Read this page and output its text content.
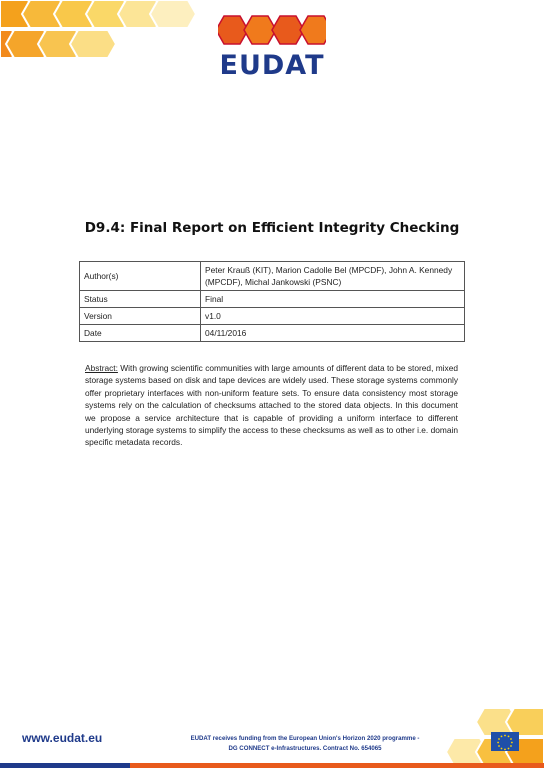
EUDAT
D9.4: Final Report on Efficient Integrity Checking
Author(s)	Peter Krauß (KIT), Marion Cadolle Bel (MPCDF), John A. Kennedy (MPCDF), Michal Jankowski (PSNC)
Status	Final
Version	v1.0
Date	04/11/2016
Abstract: With growing scientific communities with large amounts of different data to be stored, mixed storage systems based on disk and tape devices are widely used. These storage systems commonly offer proprietary interfaces with non-uniform feature sets. To ensure data consistency most storage systems rely on the calculation of checksums attached to the stored data objects. In this document we propose a service architecture that is capable of providing a uniform interface to different underlying storage systems to simplify the access to these checksums as well as to other i.e. domain specific metadata records.
www.eudat.eu	EUDAT receives funding from the European Union's Horizon 2020 programme -
DG CONNECT e-Infrastructures. Contract No. 654065
